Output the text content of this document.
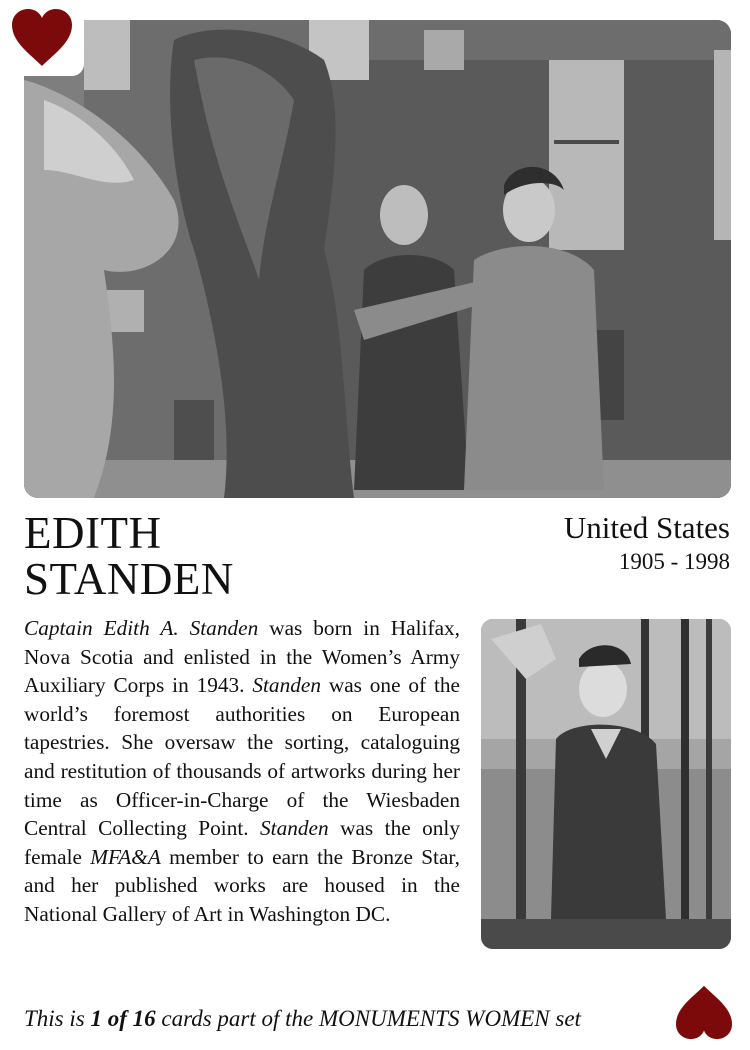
EDITH
STANDEN
United States
1905 - 1998

Captain Edith A. Standen was born in Halifax, Nova Scotia and enlisted in the Women’s Army Auxiliary Corps in 1943. Standen was one of the world’s foremost authorities on European tapestries. She oversaw the sorting, cataloguing and restitution of thousands of artworks during her time as Officer-in-Charge of the Wiesbaden Central Collecting Point. Standen was the only female MFA&A member to earn the Bronze Star, and her published works are housed in the National Gallery of Art in Washington DC.

This is 1 of 16 cards part of the MONUMENTS WOMEN set
